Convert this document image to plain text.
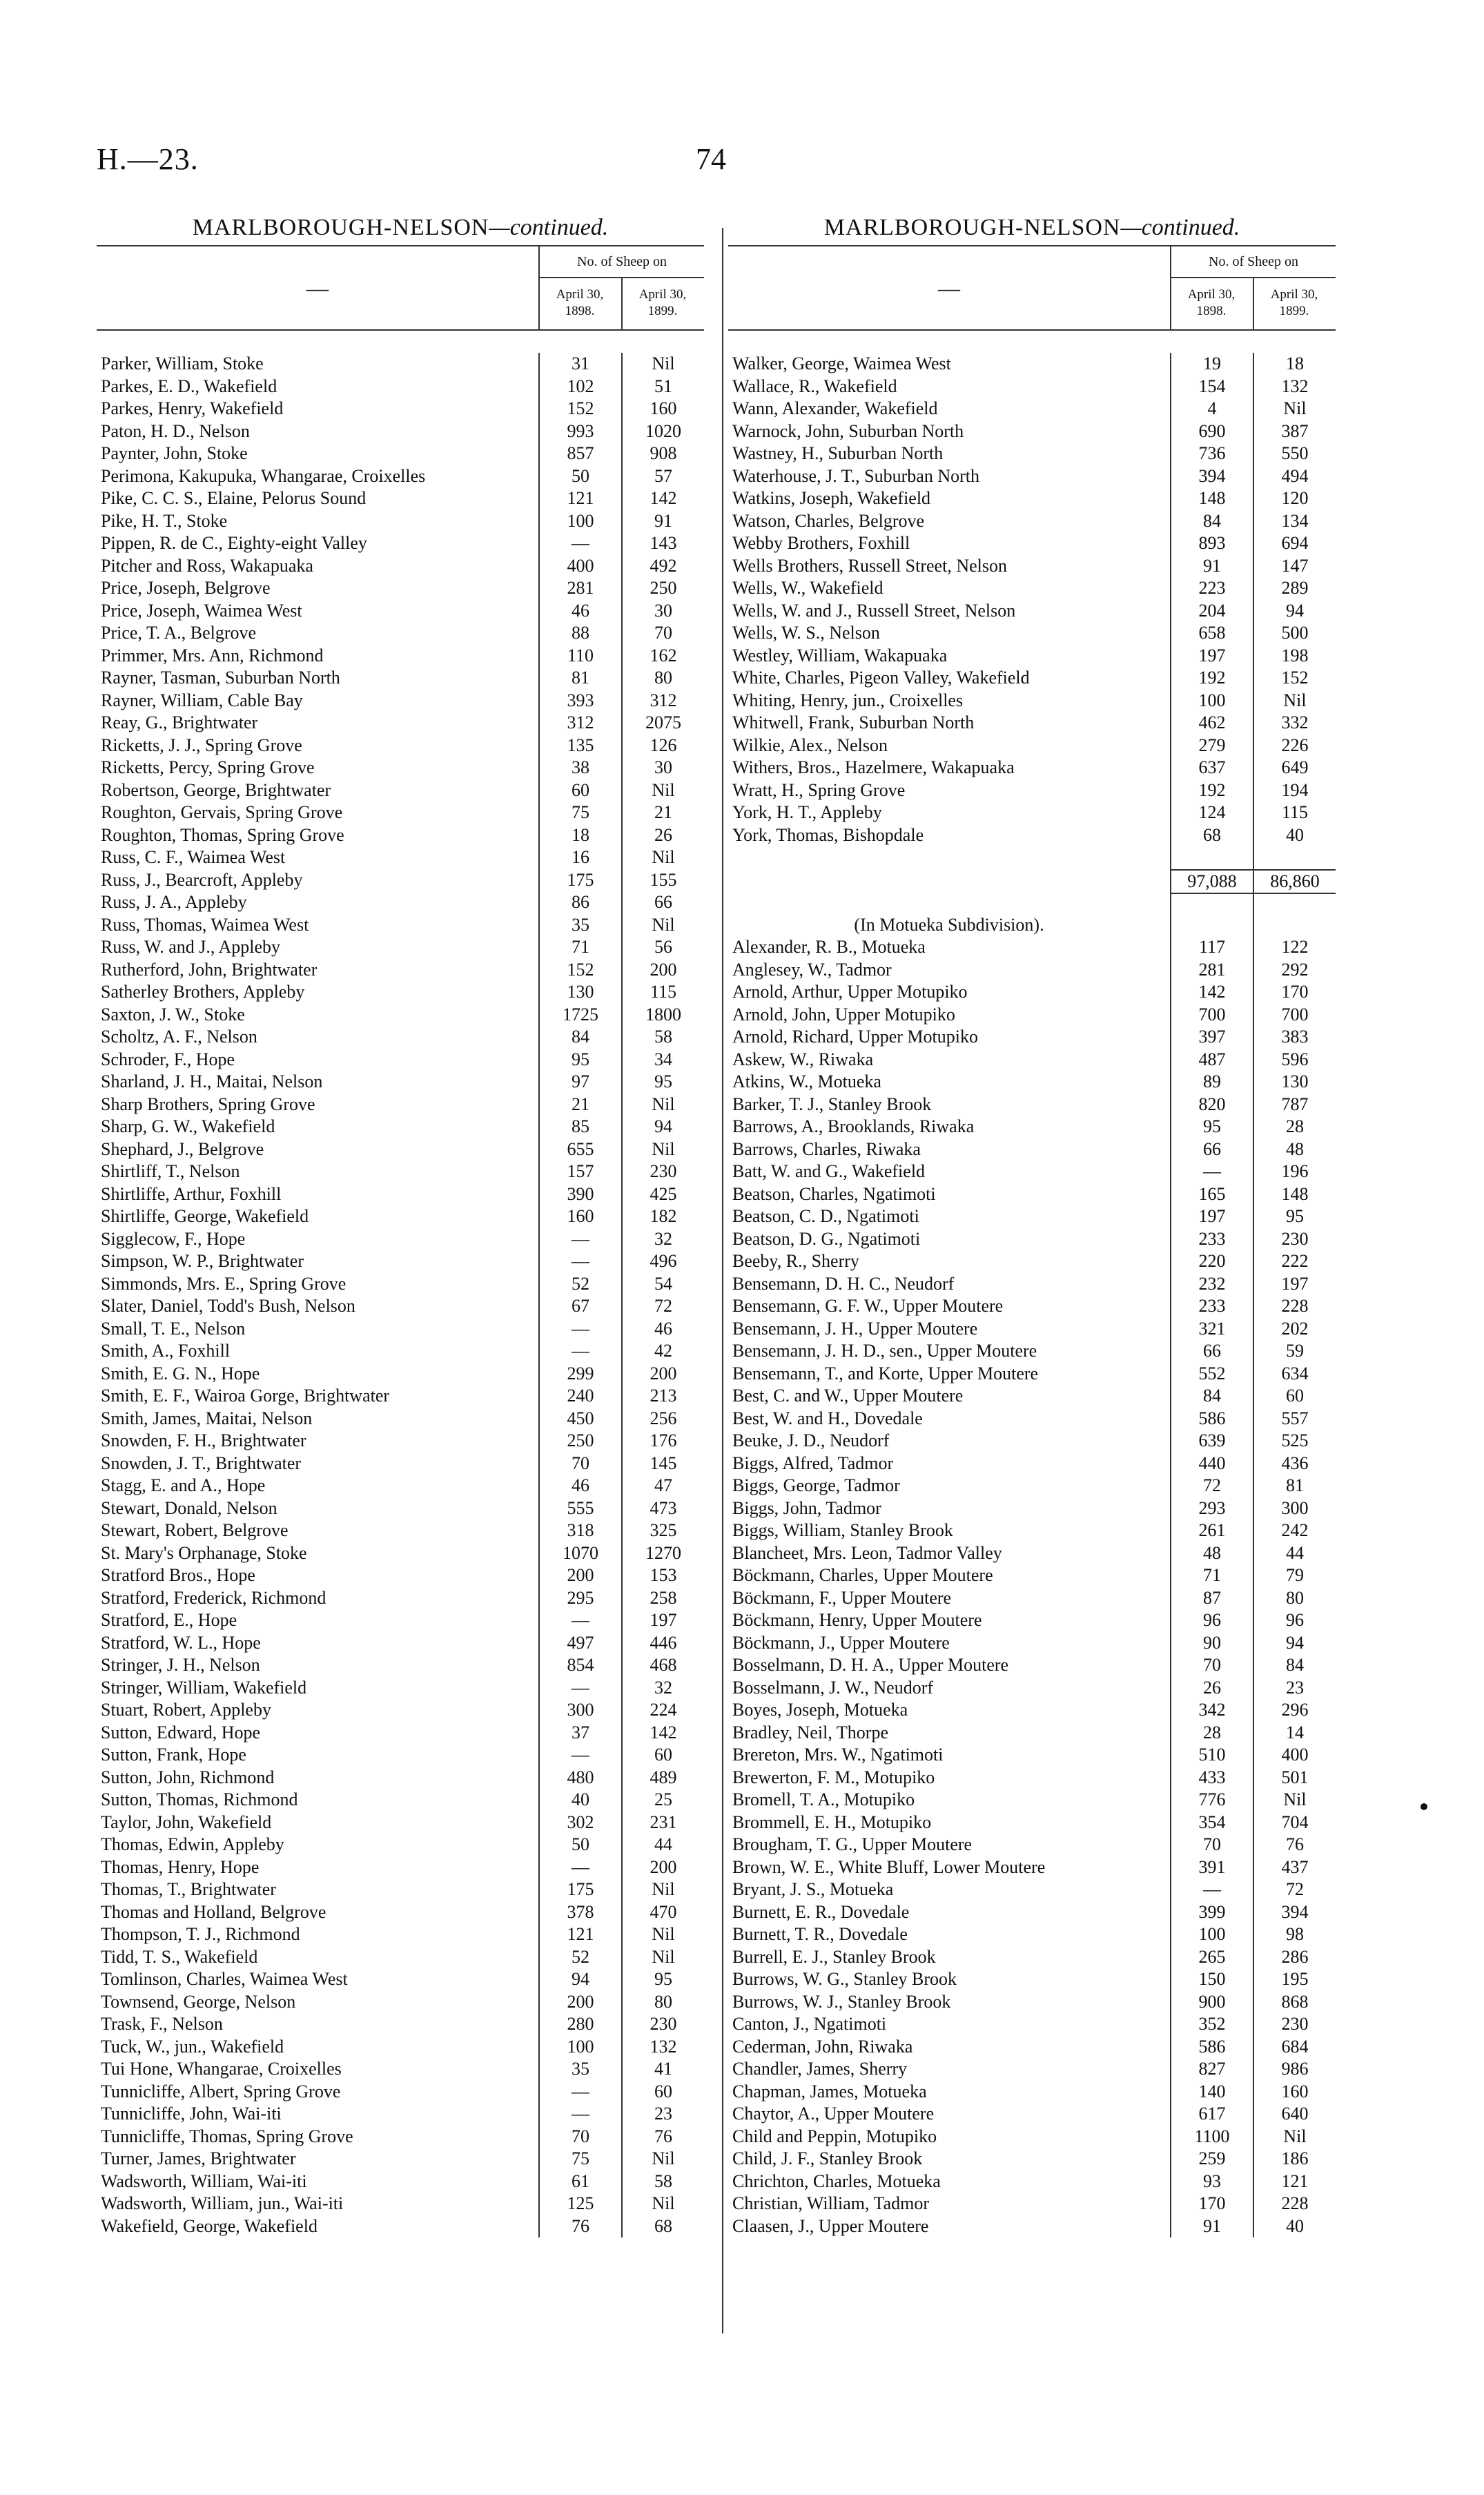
H.—23.	74
MARLBOROUGH-NELSON—continued.
—
No. of Sheep on
April 30, 1898.
April 30, 1899.
Parker, William, Stoke	31	Nil
Parkes, E. D., Wakefield	102	51
Parkes, Henry, Wakefield	152	160
Paton, H. D., Nelson	993	1020
Paynter, John, Stoke	857	908
Perimona, Kakupuka, Whangarae, Croixelles	50	57
Pike, C. C. S., Elaine, Pelorus Sound	121	142
Pike, H. T., Stoke	100	91
Pippen, R. de C., Eighty-eight Valley	—	143
Pitcher and Ross, Wakapuaka	400	492
Price, Joseph, Belgrove	281	250
Price, Joseph, Waimea West	46	30
Price, T. A., Belgrove	88	70
Primmer, Mrs. Ann, Richmond	110	162
Rayner, Tasman, Suburban North	81	80
Rayner, William, Cable Bay	393	312
Reay, G., Brightwater	312	2075
Ricketts, J. J., Spring Grove	135	126
Ricketts, Percy, Spring Grove	38	30
Robertson, George, Brightwater	60	Nil
Roughton, Gervais, Spring Grove	75	21
Roughton, Thomas, Spring Grove	18	26
Russ, C. F., Waimea West	16	Nil
Russ, J., Bearcroft, Appleby	175	155
Russ, J. A., Appleby	86	66
Russ, Thomas, Waimea West	35	Nil
Russ, W. and J., Appleby	71	56
Rutherford, John, Brightwater	152	200
Satherley Brothers, Appleby	130	115
Saxton, J. W., Stoke	1725	1800
Scholtz, A. F., Nelson	84	58
Schroder, F., Hope	95	34
Sharland, J. H., Maitai, Nelson	97	95
Sharp Brothers, Spring Grove	21	Nil
Sharp, G. W., Wakefield	85	94
Shephard, J., Belgrove	655	Nil
Shirtliff, T., Nelson	157	230
Shirtliffe, Arthur, Foxhill	390	425
Shirtliffe, George, Wakefield	160	182
Sigglecow, F., Hope	—	32
Simpson, W. P., Brightwater	—	496
Simmonds, Mrs. E., Spring Grove	52	54
Slater, Daniel, Todd's Bush, Nelson	67	72
Small, T. E., Nelson	—	46
Smith, A., Foxhill	—	42
Smith, E. G. N., Hope	299	200
Smith, E. F., Wairoa Gorge, Brightwater	240	213
Smith, James, Maitai, Nelson	450	256
Snowden, F. H., Brightwater	250	176
Snowden, J. T., Brightwater	70	145
Stagg, E. and A., Hope	46	47
Stewart, Donald, Nelson	555	473
Stewart, Robert, Belgrove	318	325
St. Mary's Orphanage, Stoke	1070	1270
Stratford Bros., Hope	200	153
Stratford, Frederick, Richmond	295	258
Stratford, E., Hope	—	197
Stratford, W. L., Hope	497	446
Stringer, J. H., Nelson	854	468
Stringer, William, Wakefield	—	32
Stuart, Robert, Appleby	300	224
Sutton, Edward, Hope	37	142
Sutton, Frank, Hope	—	60
Sutton, John, Richmond	480	489
Sutton, Thomas, Richmond	40	25
Taylor, John, Wakefield	302	231
Thomas, Edwin, Appleby	50	44
Thomas, Henry, Hope	—	200
Thomas, T., Brightwater	175	Nil
Thomas and Holland, Belgrove	378	470
Thompson, T. J., Richmond	121	Nil
Tidd, T. S., Wakefield	52	Nil
Tomlinson, Charles, Waimea West	94	95
Townsend, George, Nelson	200	80
Trask, F., Nelson	280	230
Tuck, W., jun., Wakefield	100	132
Tui Hone, Whangarae, Croixelles	35	41
Tunnicliffe, Albert, Spring Grove	—	60
Tunnicliffe, John, Wai-iti	—	23
Tunnicliffe, Thomas, Spring Grove	70	76
Turner, James, Brightwater	75	Nil
Wadsworth, William, Wai-iti	61	58
Wadsworth, William, jun., Wai-iti	125	Nil
Wakefield, George, Wakefield	76	68
MARLBOROUGH-NELSON—continued.
—
No. of Sheep on
April 30, 1898.
April 30, 1899.
Walker, George, Waimea West	19	18
Wallace, R., Wakefield	154	132
Wann, Alexander, Wakefield	4	Nil
Warnock, John, Suburban North	690	387
Wastney, H., Suburban North	736	550
Waterhouse, J. T., Suburban North	394	494
Watkins, Joseph, Wakefield	148	120
Watson, Charles, Belgrove	84	134
Webby Brothers, Foxhill	893	694
Wells Brothers, Russell Street, Nelson	91	147
Wells, W., Wakefield	223	289
Wells, W. and J., Russell Street, Nelson	204	94
Wells, W. S., Nelson	658	500
Westley, William, Wakapuaka	197	198
White, Charles, Pigeon Valley, Wakefield	192	152
Whiting, Henry, jun., Croixelles	100	Nil
Whitwell, Frank, Suburban North	462	332
Wilkie, Alex., Nelson	279	226
Withers, Bros., Hazelmere, Wakapuaka	637	649
Wratt, H., Spring Grove	192	194
York, H. T., Appleby	124	115
York, Thomas, Bishopdale	68	40
97,088	86,860
(In Motueka Subdivision).
Alexander, R. B., Motueka	117	122
Anglesey, W., Tadmor	281	292
Arnold, Arthur, Upper Motupiko	142	170
Arnold, John, Upper Motupiko	700	700
Arnold, Richard, Upper Motupiko	397	383
Askew, W., Riwaka	487	596
Atkins, W., Motueka	89	130
Barker, T. J., Stanley Brook	820	787
Barrows, A., Brooklands, Riwaka	95	28
Barrows, Charles, Riwaka	66	48
Batt, W. and G., Wakefield	—	196
Beatson, Charles, Ngatimoti	165	148
Beatson, C. D., Ngatimoti	197	95
Beatson, D. G., Ngatimoti	233	230
Beeby, R., Sherry	220	222
Bensemann, D. H. C., Neudorf	232	197
Bensemann, G. F. W., Upper Moutere	233	228
Bensemann, J. H., Upper Moutere	321	202
Bensemann, J. H. D., sen., Upper Moutere	66	59
Bensemann, T., and Korte, Upper Moutere	552	634
Best, C. and W., Upper Moutere	84	60
Best, W. and H., Dovedale	586	557
Beuke, J. D., Neudorf	639	525
Biggs, Alfred, Tadmor	440	436
Biggs, George, Tadmor	72	81
Biggs, John, Tadmor	293	300
Biggs, William, Stanley Brook	261	242
Blancheet, Mrs. Leon, Tadmor Valley	48	44
Böckmann, Charles, Upper Moutere	71	79
Böckmann, F., Upper Moutere	87	80
Böckmann, Henry, Upper Moutere	96	96
Böckmann, J., Upper Moutere	90	94
Bosselmann, D. H. A., Upper Moutere	70	84
Bosselmann, J. W., Neudorf	26	23
Boyes, Joseph, Motueka	342	296
Bradley, Neil, Thorpe	28	14
Brereton, Mrs. W., Ngatimoti	510	400
Brewerton, F. M., Motupiko	433	501
Bromell, T. A., Motupiko	776	Nil
Brommell, E. H., Motupiko	354	704
Brougham, T. G., Upper Moutere	70	76
Brown, W. E., White Bluff, Lower Moutere	391	437
Bryant, J. S., Motueka	—	72
Burnett, E. R., Dovedale	399	394
Burnett, T. R., Dovedale	100	98
Burrell, E. J., Stanley Brook	265	286
Burrows, W. G., Stanley Brook	150	195
Burrows, W. J., Stanley Brook	900	868
Canton, J., Ngatimoti	352	230
Cederman, John, Riwaka	586	684
Chandler, James, Sherry	827	986
Chapman, James, Motueka	140	160
Chaytor, A., Upper Moutere	617	640
Child and Peppin, Motupiko	1100	Nil
Child, J. F., Stanley Brook	259	186
Chrichton, Charles, Motueka	93	121
Christian, William, Tadmor	170	228
Claasen, J., Upper Moutere	91	40
